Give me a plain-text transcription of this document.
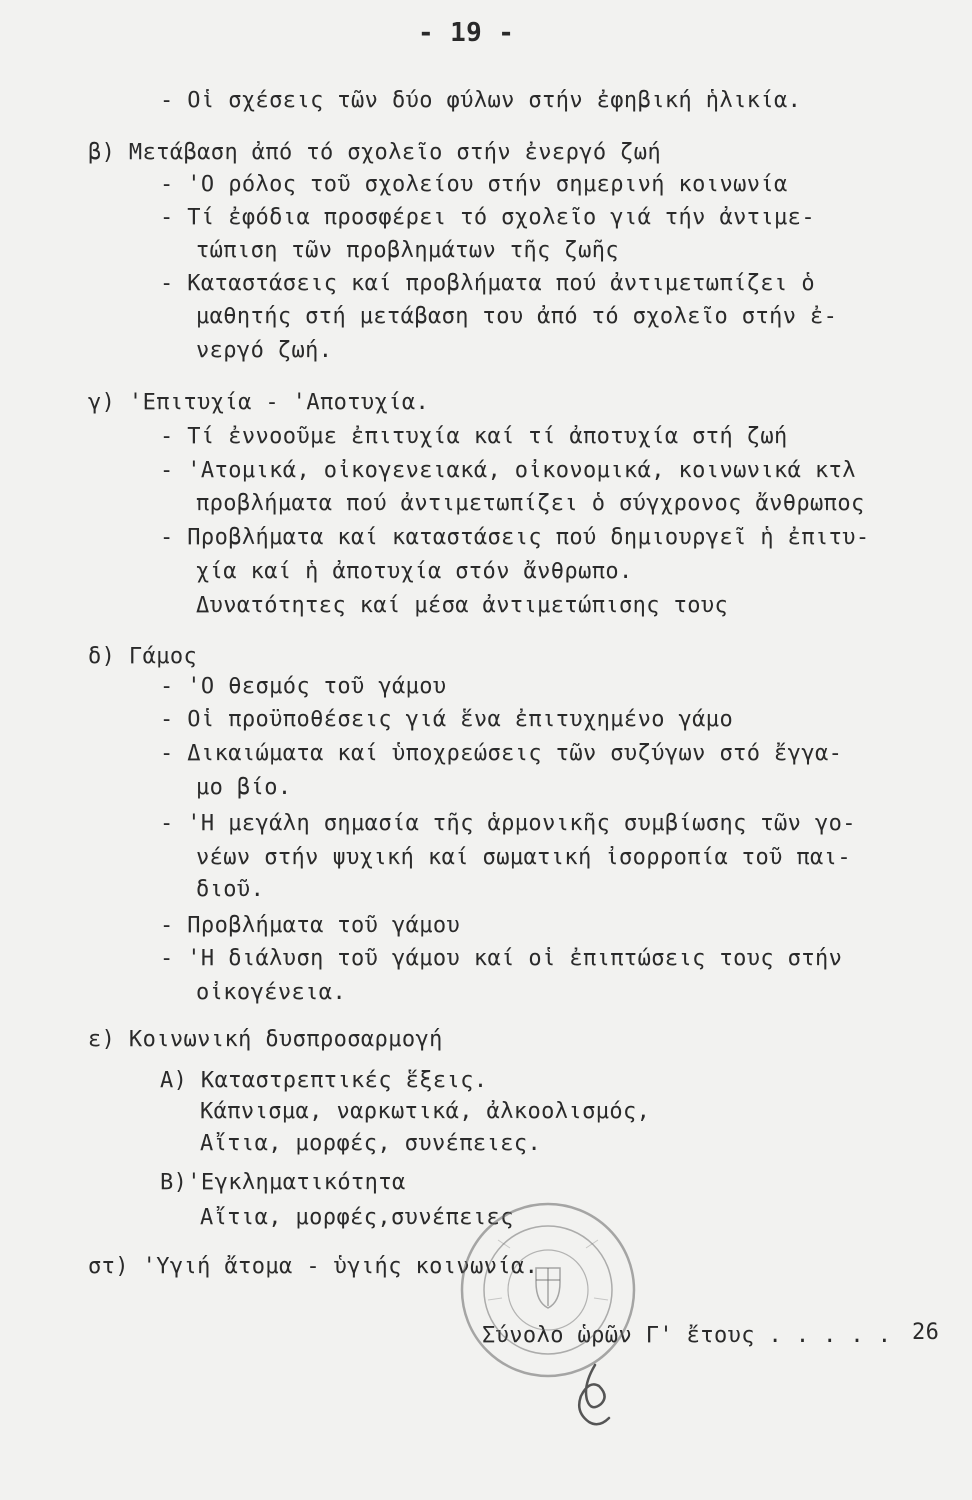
- 19 -
- Οἱ σχέσεις τῶν δύο φύλων στήν ἐφηβική ἡλικία.
β) Μετάβαση ἀπό τό σχολεῖο στήν ἐνεργό ζωή
- 'Ο ρόλος τοῦ σχολείου στήν σημερινή κοινωνία
- Τί ἐφόδια προσφέρει τό σχολεῖο γιά τήν ἀντιμε-
τώπιση τῶν προβλημάτων τῆς ζωῆς
- Καταστάσεις καί προβλήματα πού ἀντιμετωπίζει ὁ
μαθητής στή μετάβαση του ἀπό τό σχολεῖο στήν ἐ-
νεργό ζωή.
γ) 'Επιτυχία - 'Αποτυχία.
- Τί ἐννοοῦμε ἐπιτυχία καί τί ἀποτυχία στή ζωή
- 'Ατομικά, οἰκογενειακά, οἰκονομικά, κοινωνικά κτλ
προβλήματα πού ἀντιμετωπίζει ὁ σύγχρονος ἄνθρωπος
- Προβλήματα καί καταστάσεις πού δημιουργεῖ ἡ ἐπιτυ-
χία καί ἡ ἀποτυχία στόν ἄνθρωπο.
Δυνατότητες καί μέσα ἀντιμετώπισης τους
δ) Γάμος
- 'Ο θεσμός τοῦ γάμου
- Οἱ προϋποθέσεις γιά ἕνα ἐπιτυχημένο γάμο
- Δικαιώματα καί ὑποχρεώσεις τῶν συζύγων στό ἔγγα-
μο βίο.
- 'Η μεγάλη σημασία τῆς ἁρμονικῆς συμβίωσης τῶν γο-
νέων στήν ψυχική καί σωματική ἰσορροπία τοῦ παι-
διοῦ.
- Προβλήματα τοῦ γάμου
- 'Η διάλυση τοῦ γάμου καί οἱ ἐπιπτώσεις τους στήν
οἰκογένεια.
ε) Κοινωνική δυσπροσαρμογή
Α) Καταστρεπτικές ἕξεις.
Κάπνισμα, ναρκωτικά, ἀλκοολισμός,
Αἴτια, μορφές, συνέπειες.
Β)'Εγκληματικότητα
Αἴτια, μορφές,συνέπειες
στ) 'Υγιή ἄτομα - ὑγιής κοινωνία.
Σύνολο ὡρῶν Γ' ἔτους . . . . . 26
